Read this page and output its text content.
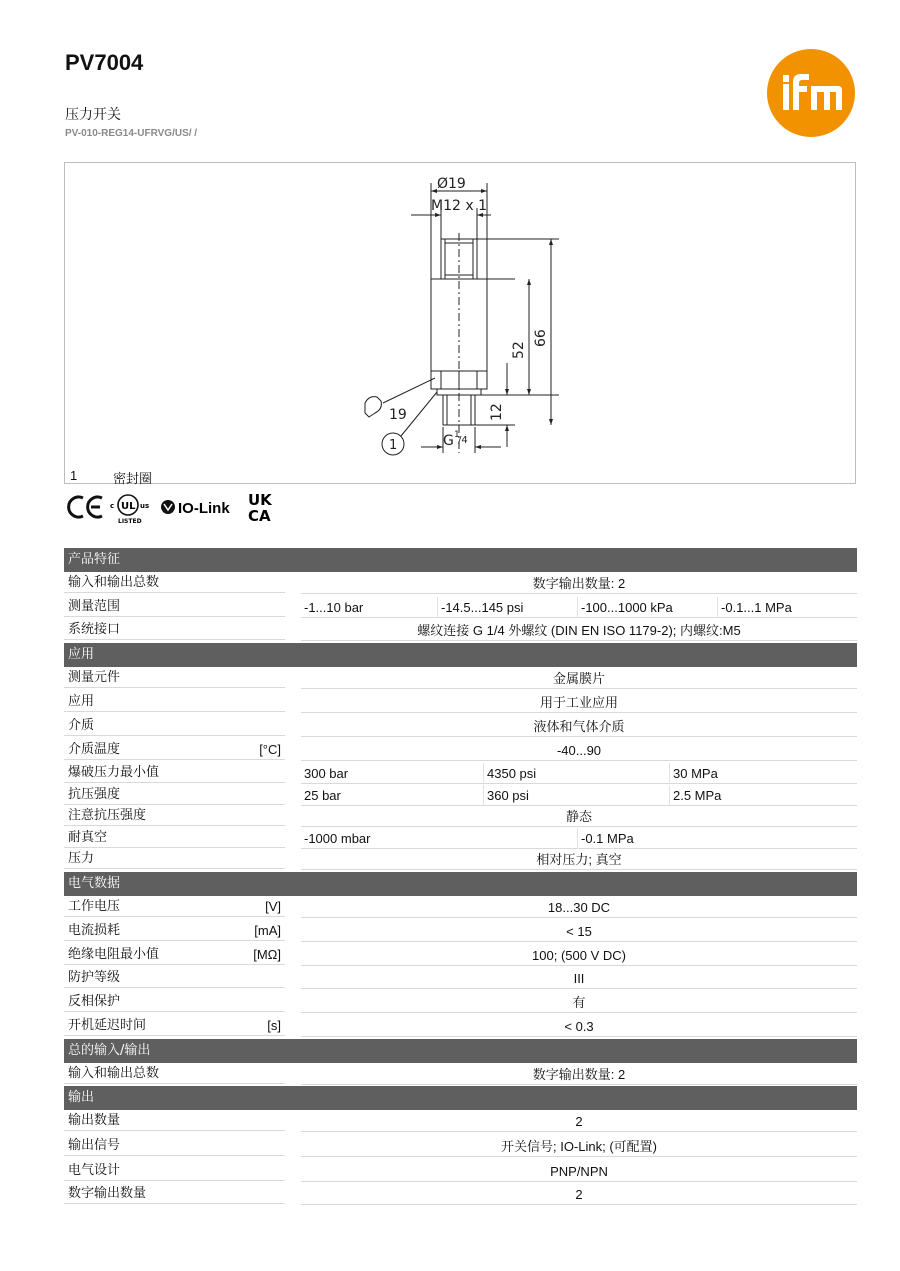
PV7004
压力开关
PV-010-REG14-UFRVG/US/ /
Ø19
M12 x 1
52
66
12
19
G 1
/4
1
1	密封圈
c UL us
LISTED
IO-Link UK
CA
产品特征
输入和输出总数	数字输出数量: 2
测量范围	-1...10 bar	-14.5...145 psi	-100...1000 kPa	-0.1...1 MPa
系统接口	螺纹连接 G 1/4 外螺纹 (DIN EN ISO 1179-2); 内螺纹:M5
应用
测量元件	金属膜片
应用	用于工业应用
介质	液体和气体介质
介质温度	[°C]	-40...90
爆破压力最小值	300 bar	4350 psi	30 MPa
抗压强度	25 bar	360 psi	2.5 MPa
注意抗压强度	静态
耐真空	-1000 mbar	-0.1 MPa
压力	相对压力; 真空
电气数据
工作电压	[V]	18...30 DC
电流损耗	[mA]	< 15
绝缘电阻最小值	[MΩ]	100; (500 V DC)
防护等级	III
反相保护	有
开机延迟时间	[s]	< 0.3
总的输入/输出
输入和输出总数	数字输出数量: 2
输出
输出数量	2
输出信号	开关信号; IO-Link; (可配置)
电气设计	PNP/NPN
数字输出数量	2
